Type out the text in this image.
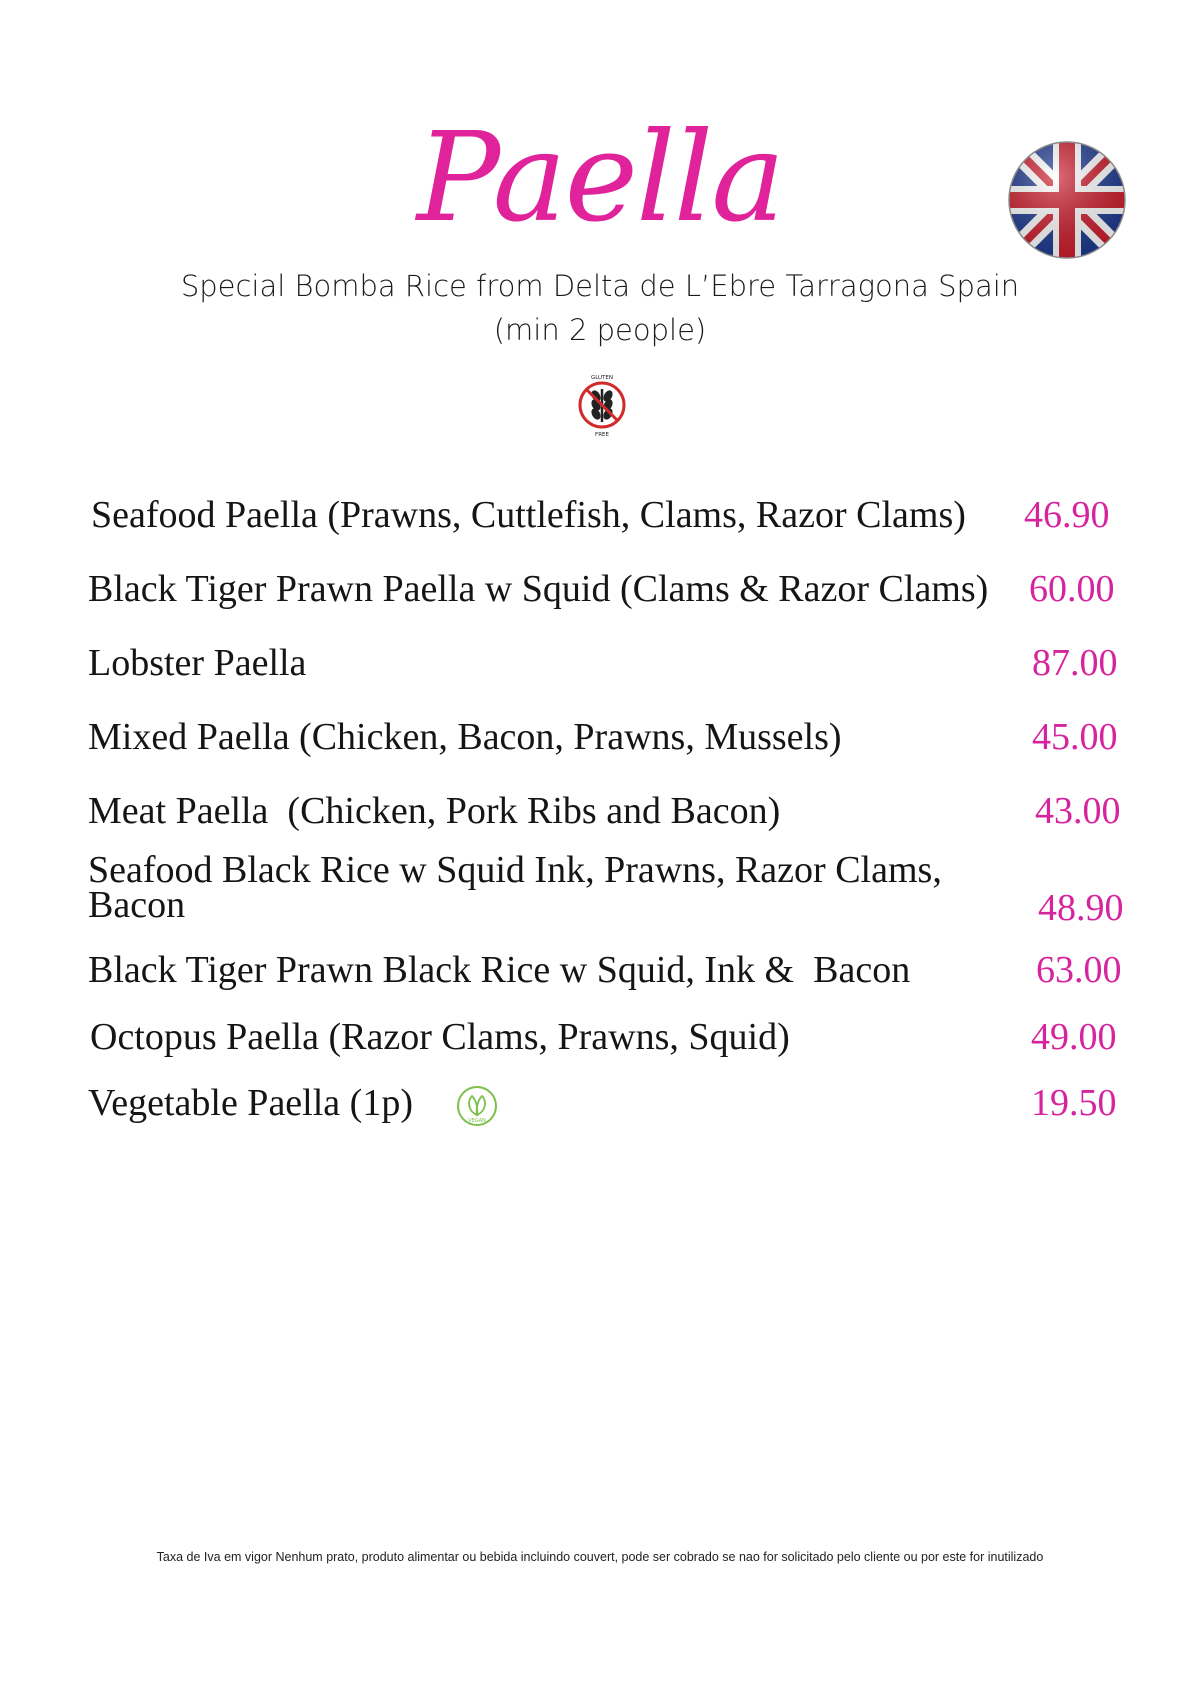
Paella
Special Bomba Rice from Delta de L’Ebre Tarragona Spain
(min 2 people)
GLUTEN
FREE
Seafood Paella (Prawns, Cuttlefish, Clams, Razor Clams) 46.90
Black Tiger Prawn Paella w Squid (Clams & Razor Clams) 60.00
Lobster Paella	87.00
Mixed Paella (Chicken, Bacon, Prawns, Mussels)	45.00
Meat Paella  (Chicken, Pork Ribs and Bacon)	43.00
Seafood Black Rice w Squid Ink, Prawns, Razor Clams,
Bacon	48.90
Black Tiger Prawn Black Rice w Squid, Ink &  Bacon	63.00
Octopus Paella (Razor Clams, Prawns, Squid)	49.00
Vegetable Paella (1p)	VEGAN	19.50
Taxa de Iva em vigor Nenhum prato, produto alimentar ou bebida incluindo couvert, pode ser cobrado se nao for solicitado pelo cliente ou por este for inutilizado
